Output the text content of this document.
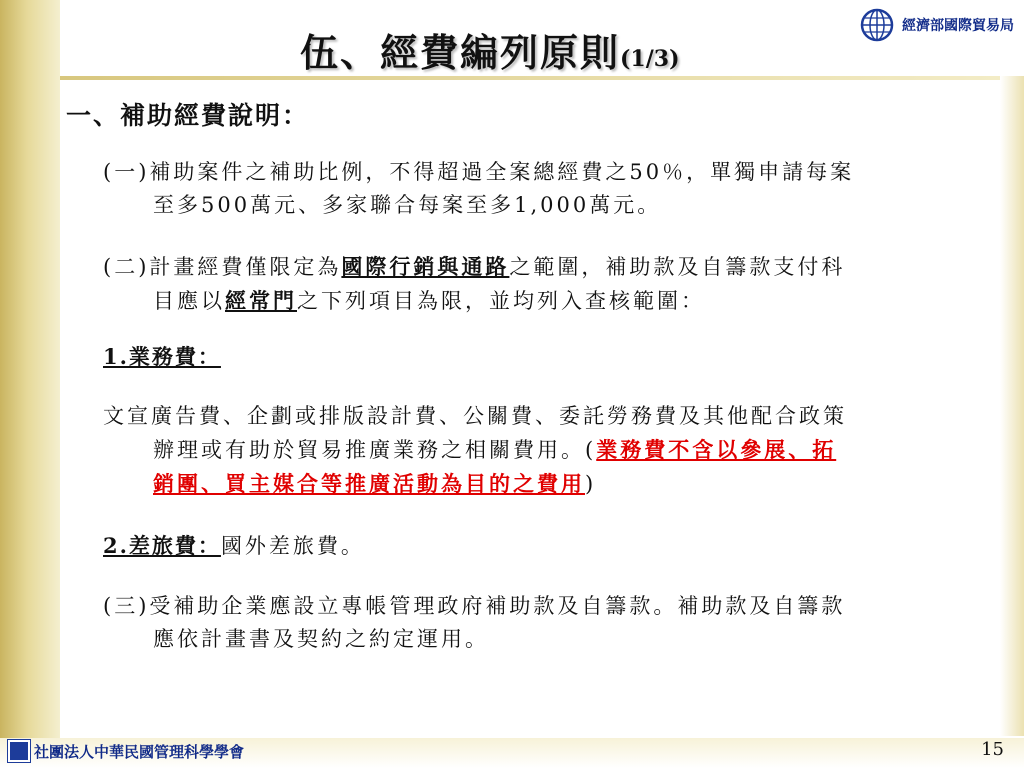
伍、經費編列原則(1/3)
經濟部國際貿易局
一、補助經費說明：
(一)補助案件之補助比例，不得超過全案總經費之50％，單獨申請每案
至多500萬元、多家聯合每案至多1,000萬元。
(二)計畫經費僅限定為國際行銷與通路之範圍，補助款及自籌款支付科
目應以經常門之下列項目為限，並均列入查核範圍：
1.業務費：
文宣廣告費、企劃或排版設計費、公關費、委託勞務費及其他配合政策
辦理或有助於貿易推廣業務之相關費用。(業務費不含以參展、拓
銷團、買主媒合等推廣活動為目的之費用)
2.差旅費：國外差旅費。
(三)受補助企業應設立專帳管理政府補助款及自籌款。補助款及自籌款
應依計畫書及契約之約定運用。
社團法人中華民國管理科學學會	15
